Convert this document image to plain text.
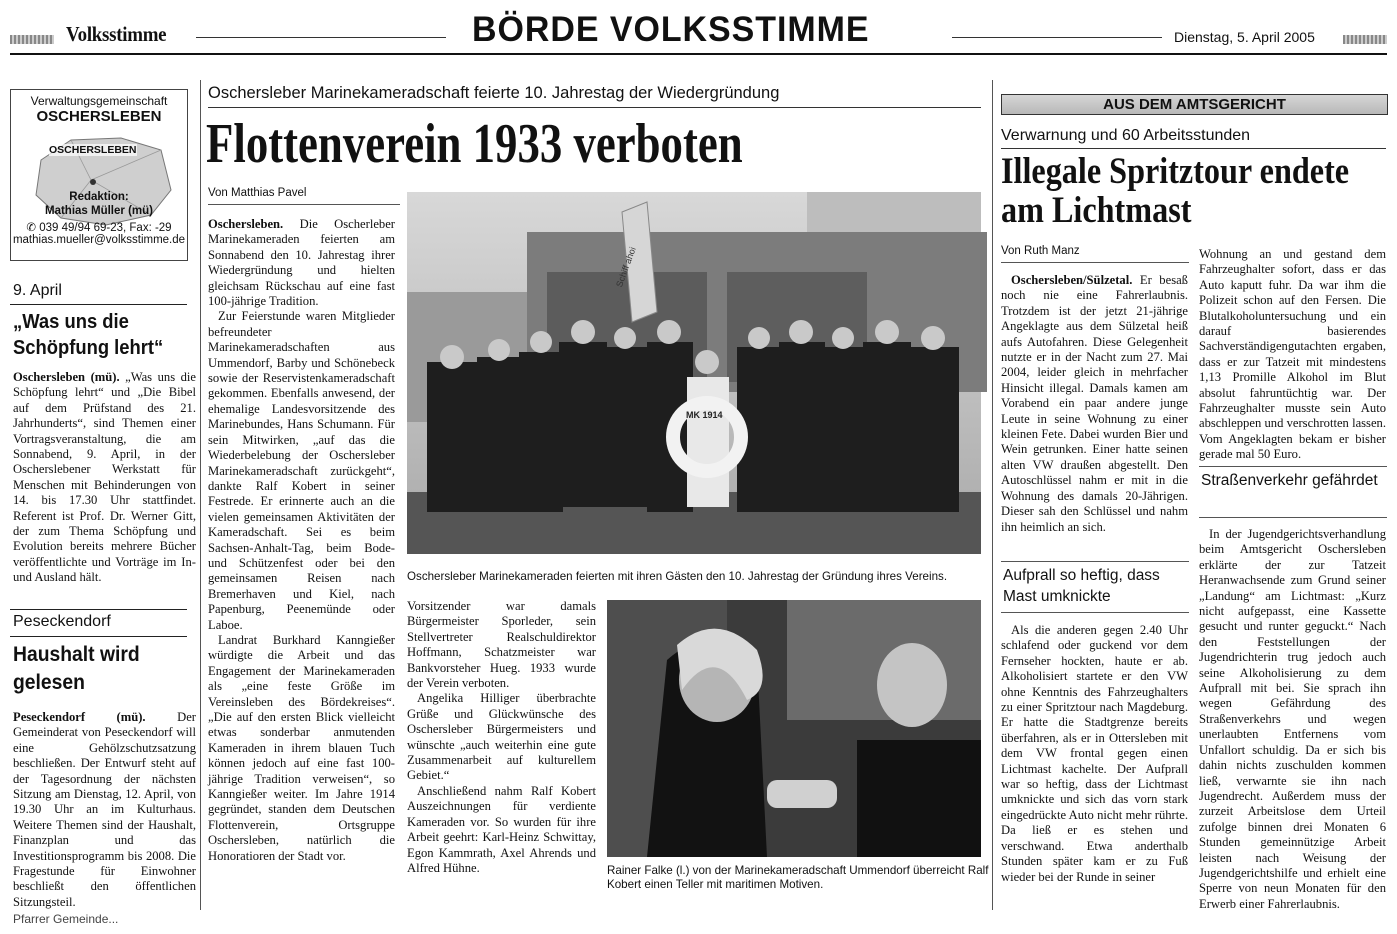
Volksstimme	BÖRDE VOLKSSTIMME	Dienstag, 5. April 2005
Verwaltungsgemeinschaft
OSCHERSLEBEN
OSCHERSLEBEN
Redaktion:
Mathias Müller (mü)
✆ 039 49/94 69-23, Fax: -29
mathias.mueller@volksstimme.de
9. April
„Was uns die Schöpfung lehrt“
Oschersleben (mü). „Was uns die Schöpfung lehrt“ und „Die Bibel auf dem Prüfstand des 21. Jahrhunderts“, sind Themen einer Vortragsveranstaltung, die am Sonnabend, 9. April, in der Oscherslebener Werkstatt für Menschen mit Behinderungen von 14. bis 17.30 Uhr stattfindet. Referent ist Prof. Dr. Werner Gitt, der zum Thema Schöpfung und Evolution bereits mehrere Bücher veröffentlichte und Vorträge im In- und Ausland hält.
Peseckendorf
Haushalt wird gelesen
Peseckendorf (mü).	Der Gemeinderat von Peseckendorf will eine Gehölzschutzsatzung beschließen. Der Entwurf steht auf der Tagesordnung der nächsten Sitzung am Dienstag, 12. April, von 19.30 Uhr an im Kulturhaus. Weitere Themen sind der Haushalt, Finanzplan und das Investitionsprogramm bis 2008. Die Fragestunde für Einwohner beschließt den öffentlichen Sitzungsteil.
Pfarrer Gemeinde...
Oschersleber Marinekameradschaft feierte 10. Jahrestag der Wiedergründung
Flottenverein 1933 verboten
Von Matthias Pavel

Oschersleben. Die Oscherleber Marinekameraden feierten am Sonnabend den 10. Jahrestag ihrer Wiedergründung und hielten gleichsam Rückschau auf eine fast 100-jährige Tradition.

Zur Feierstunde waren Mitglieder befreundeter Marinekameradschaften aus Ummendorf, Barby und Schönebeck sowie der Reservistenkameradschaft gekommen. Ebenfalls anwesend, der ehemalige Landesvorsitzende des Marinebundes, Hans Schumann. Für sein Mitwirken, „auf das die Wiederbelebung der Oschersleber Marinekameradschaft zurückgeht“, dankte Ralf Kobert in seiner Festrede. Er erinnerte auch an die vielen gemeinsamen Aktivitäten der Kameradschaft. Sei es beim Sachsen-Anhalt-Tag, beim Bode- und Schützenfest oder bei den gemeinsamen Reisen nach Bremerhaven und Kiel, nach Papenburg, Peenemünde oder Laboe.

Landrat Burkhard Kanngießer würdigte die Arbeit und das Engagement der Marinekameraden als „eine feste Größe im Vereinsleben des Bördekreises“. „Die auf den ersten Blick vielleicht etwas sonderbar anmutenden Kameraden in ihrem blauen Tuch können jedoch auf eine fast 100-jährige Tradition verweisen“, so Kanngießer weiter. Im Jahre 1914 gegründet, standen dem Deutschen Flottenverein, Ortsgruppe Oschersleben, natürlich die Honoratioren der Stadt vor.

Schiff ahoi
MK 1914
Oschersleber Marinekameraden feierten mit ihren Gästen den 10. Jahrestag der Gründung ihres Vereins.

Vorsitzender war damals Bürgermeister Sporleder, sein Stellvertreter Realschuldirektor Hoffmann, Schatzmeister war Bankvorsteher Hueg. 1933 wurde der Verein verboten.

Angelika Hilliger überbrachte Grüße und Glückwünsche des Oschersleber Bürgermeisters und wünschte „auch weiterhin eine gute Zusammenarbeit auf kulturellem Gebiet.“

Anschließend nahm Ralf Kobert Auszeichnungen für verdiente Kameraden vor. So wurden für ihre Arbeit geehrt: Karl-Heinz Schwittay, Egon Kammrath, Axel Ahrends und Alfred Hühne.	Rainer Falke (l.) von der Marinekameradschaft Ummendorf überreicht Ralf Kobert einen Teller mit maritimen Motiven.
AUS DEM AMTSGERICHT
Verwarnung und 60 Arbeitsstunden
Illegale Spritztour endete am Lichtmast
Von Ruth Manz

Oschersleben/Sülzetal. Er besaß noch nie eine Fahrerlaubnis. Trotzdem ist der jetzt 21-jährige Angeklagte aus dem Sülzetal heiß aufs Autofahren. Diese Gelegenheit nutzte er in der Nacht zum 27. Mai 2004, leider gleich in mehrfacher Hinsicht illegal. Damals kamen am Vorabend ein paar andere junge Leute in seine Wohnung zu einer kleinen Fete. Dabei wurden Bier und Wein getrunken. Einer hatte seinen alten VW draußen abgestellt. Den Autoschlüssel nahm er mit in die Wohnung des damals 20-Jährigen. Dieser sah den Schlüssel und nahm ihn heimlich an sich.

Aufprall so heftig, dass Mast umknickte

Als die anderen gegen 2.40 Uhr schlafend oder guckend vor dem Fernseher hockten, haute er ab. Alkoholisiert startete er den VW ohne Kenntnis des Fahrzeughalters zu einer Spritztour nach Magdeburg. Er hatte die Stadtgrenze bereits überfahren, als er in Ottersleben mit dem VW frontal gegen einen Lichtmast kachelte. Der Aufprall war so heftig, dass der Lichtmast umknickte und sich das vorn stark eingedrückte Auto nicht mehr rührte. Da ließ er es stehen und verschwand. Etwa anderthalb Stunden später kam er zu Fuß wieder bei der Runde in seiner

Wohnung an und gestand dem Fahrzeughalter sofort, dass er das Auto kaputt fuhr. Da war ihm die Polizeit schon auf den Fersen. Die Blutalkoholuntersuchung und ein darauf basierendes Sachverständigengutachten ergaben, dass er zur Tatzeit mit mindestens 1,13 Promille Alkohol im Blut absolut fahruntüchtig war. Der Fahrzeughalter musste sein Auto abschleppen und verschrotten lassen. Vom Angeklagten bekam er bisher gerade mal 50 Euro.

Straßenverkehr gefährdet

In der Jugendgerichtsverhandlung beim Amtsgericht Oschersleben erklärte der zur Tatzeit Heranwachsende zum Grund seiner „Landung“ am Lichtmast: „Kurz nicht aufgepasst, eine Kassette gesucht und runter geguckt.“ Nach den Feststellungen der Jugendrichterin trug jedoch auch seine Alkoholisierung zu dem Aufprall mit bei. Sie sprach ihn wegen Gefährdung des Straßenverkehrs und wegen unerlaubten Entfernens vom Unfallort schuldig. Da er sich bis dahin nichts zuschulden kommen ließ, verwarnte sie ihn nach Jugendrecht. Außerdem muss der zurzeit Arbeitslose dem Urteil zufolge binnen drei Monaten 6 Stunden gemeinnützige Arbeit leisten nach Weisung der Jugendgerichtshilfe und erhielt eine Sperre von neun Monaten für den Erwerb einer Fahrerlaubnis.
